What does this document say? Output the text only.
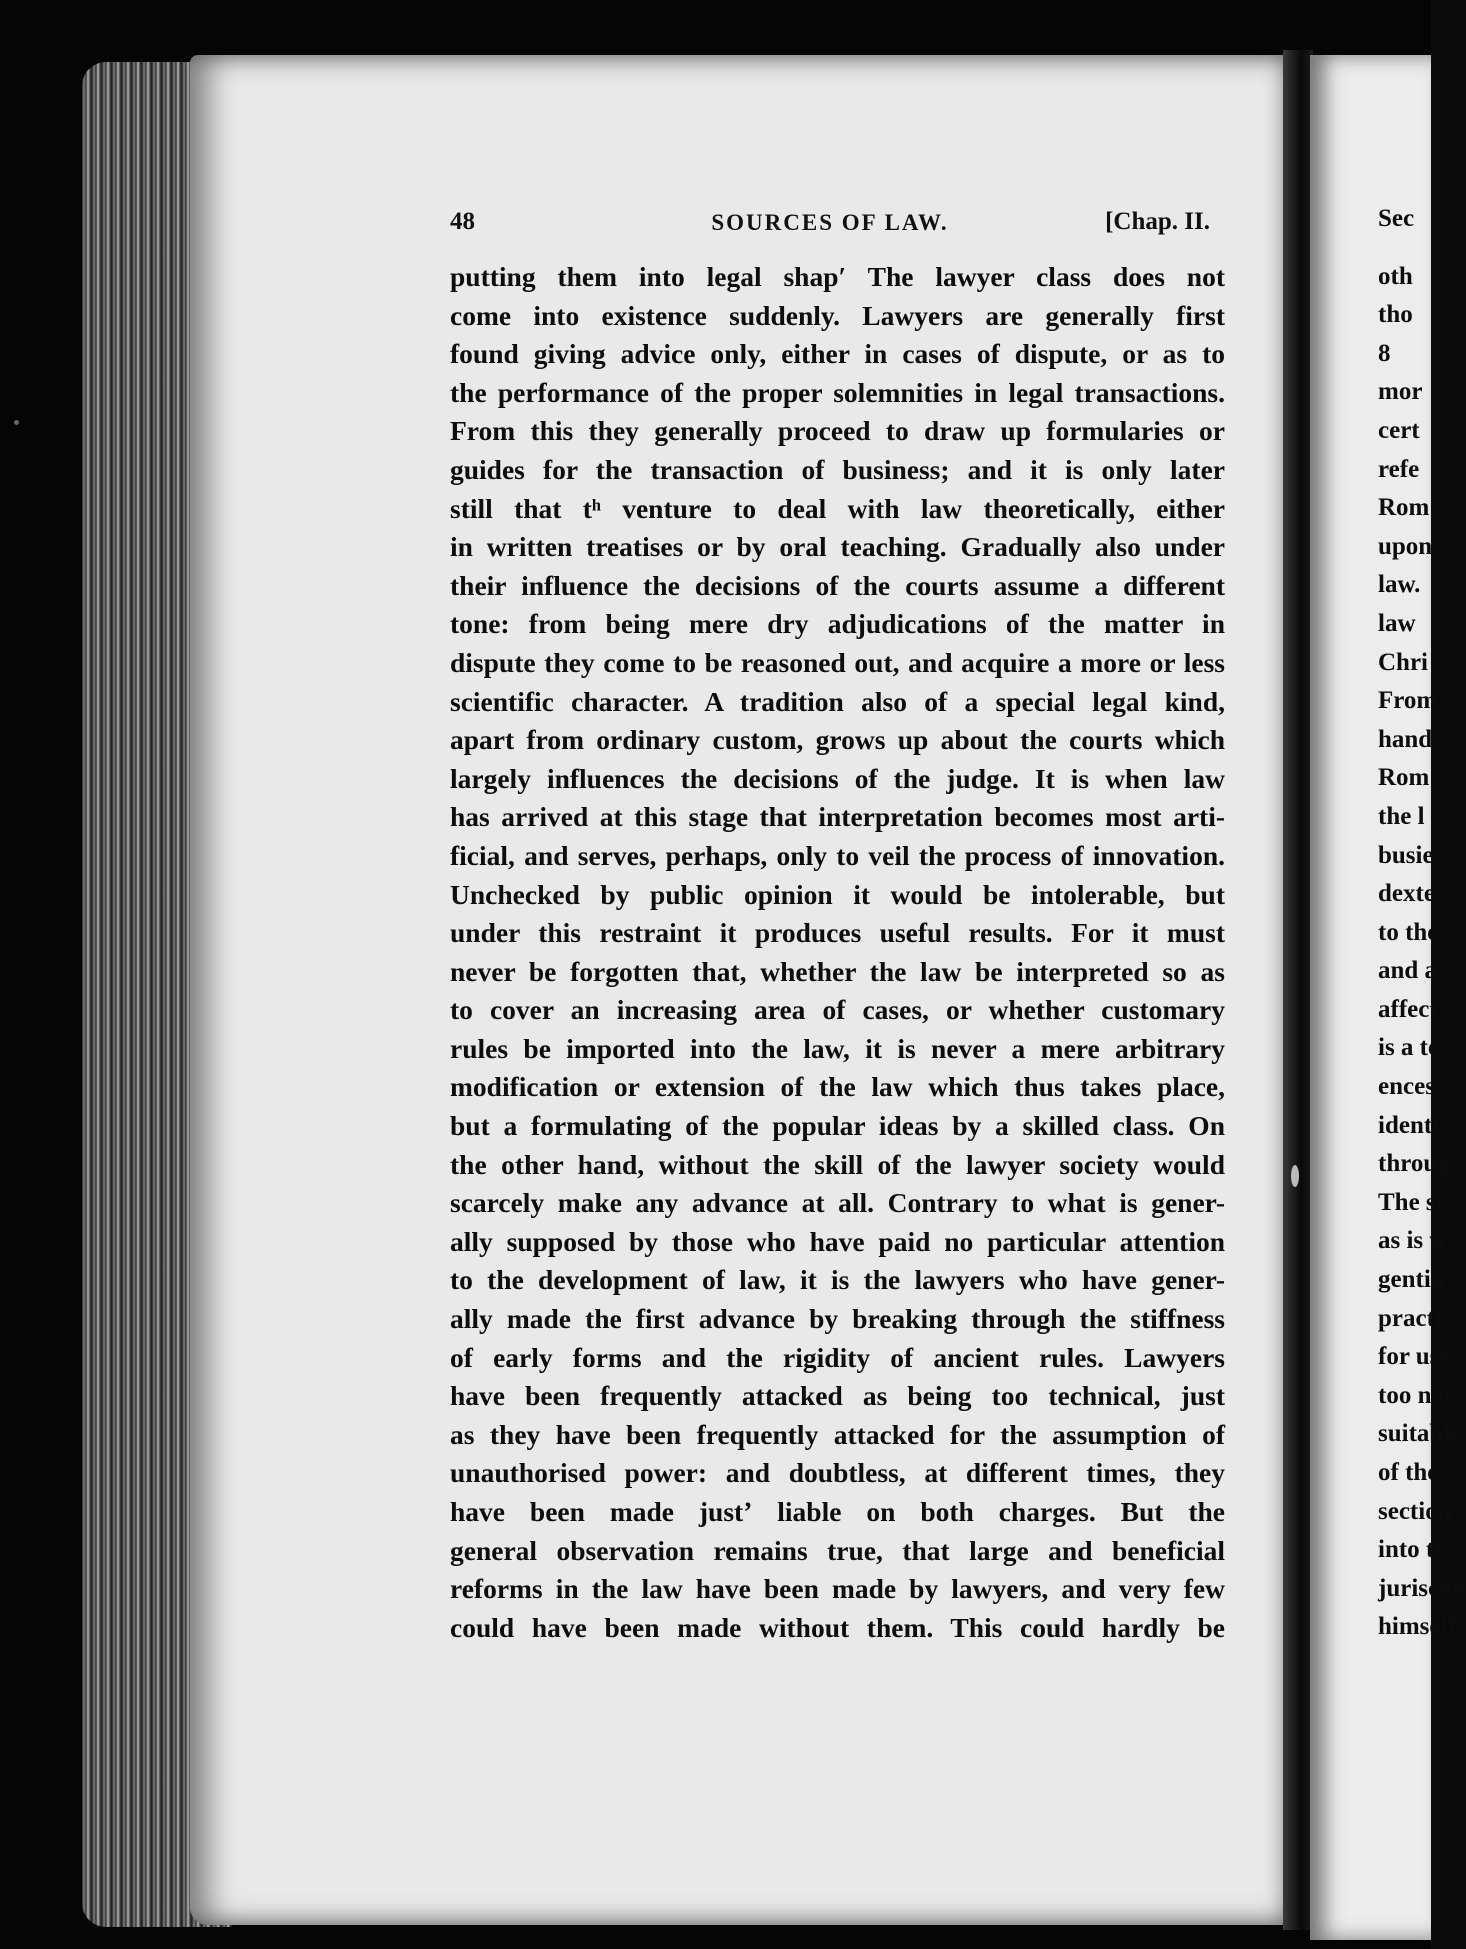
48	SOURCES OF LAW.	[Chap. II.
putting them into legal shap′ The lawyer class does not
come into existence suddenly. Lawyers are generally first
found giving advice only, either in cases of dispute, or as to
the performance of the proper solemnities in legal transactions.
From this they generally proceed to draw up formularies or
guides for the transaction of business; and it is only later
still that tʰ venture to deal with law theoretically, either
in written treatises or by oral teaching. Gradually also under
their influence the decisions of the courts assume a different
tone: from being mere dry adjudications of the matter in
dispute they come to be reasoned out, and acquire a more or less
scientific character. A tradition also of a special legal kind,
apart from ordinary custom, grows up about the courts which
largely influences the decisions of the judge. It is when law
has arrived at this stage that interpretation becomes most arti-
ficial, and serves, perhaps, only to veil the process of innovation.
Unchecked by public opinion it would be intolerable, but
under this restraint it produces useful results. For it must
never be forgotten that, whether the law be interpreted so as
to cover an increasing area of cases, or whether customary
rules be imported into the law, it is never a mere arbitrary
modification or extension of the law which thus takes place,
but a formulating of the popular ideas by a skilled class. On
the other hand, without the skill of the lawyer society would
scarcely make any advance at all. Contrary to what is gener-
ally supposed by those who have paid no particular attention
to the development of law, it is the lawyers who have gener-
ally made the first advance by breaking through the stiffness
of early forms and the rigidity of ancient rules. Lawyers
have been frequently attacked as being too technical, just
as they have been frequently attacked for the assumption of
unauthorised power: and doubtless, at different times, they
have been made justʼ liable on both charges. But the
general observation remains true, that large and beneficial
reforms in the law have been made by lawyers, and very few
could have been made without them. This could hardly be
Sec
oth
tho
8
mor
cert
refe
Rom
upon
law.
law
Chri
From
hand
Rom
the l
busie
dexte
to the
and a
affect
is a te
ences
identi
throug
The so
as is w
gentiu
practic
for use
too nar
suitable
of the
section
into th
juriscon
himself
